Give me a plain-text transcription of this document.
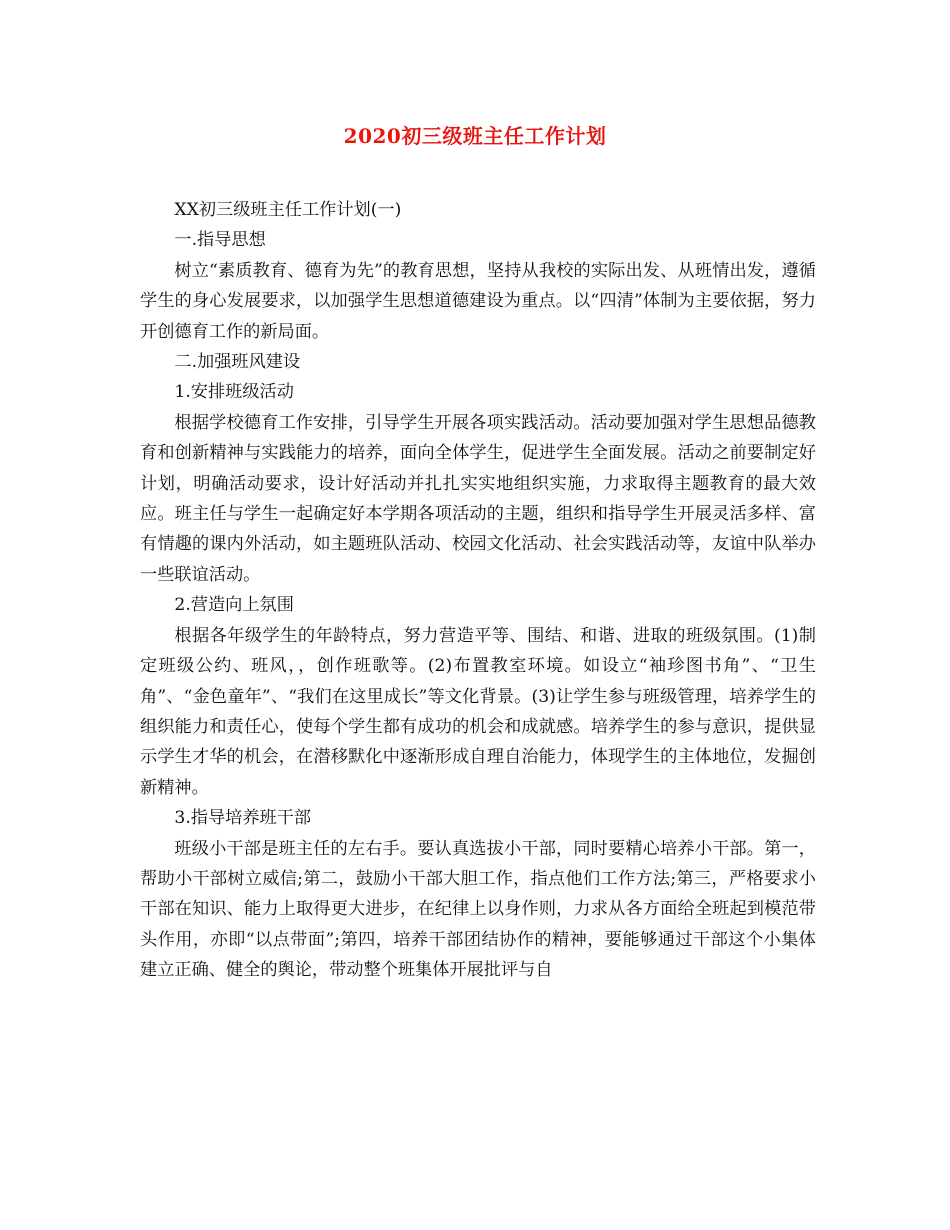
2020初三级班主任工作计划

XX初三级班主任工作计划(一)

一.指导思想

树立“素质教育、德育为先”的教育思想，坚持从我校的实际出发、从班情出发，遵循学生的身心发展要求，以加强学生思想道德建设为重点。以“四清”体制为主要依据，努力开创德育工作的新局面。

二.加强班风建设

1.安排班级活动

根据学校德育工作安排，引导学生开展各项实践活动。活动要加强对学生思想品德教育和创新精神与实践能力的培养，面向全体学生，促进学生全面发展。活动之前要制定好计划，明确活动要求，设计好活动并扎扎实实地组织实施，力求取得主题教育的最大效应。班主任与学生一起确定好本学期各项活动的主题，组织和指导学生开展灵活多样、富有情趣的课内外活动，如主题班队活动、校园文化活动、社会实践活动等，友谊中队举办一些联谊活动。

2.营造向上氛围

根据各年级学生的年龄特点，努力营造平等、围结、和谐、进取的班级氛围。(1)制定班级公约、班风，，创作班歌等。(2)布置教室环境。如设立“袖珍图书角”、“卫生角”、“金色童年”、“我们在这里成长”等文化背景。(3)让学生参与班级管理，培养学生的组织能力和责任心，使每个学生都有成功的机会和成就感。培养学生的参与意识，提供显示学生才华的机会，在潜移默化中逐渐形成自理自治能力，体现学生的主体地位，发掘创新精神。

3.指导培养班干部

班级小干部是班主任的左右手。要认真选拔小干部，同时要精心培养小干部。第一，帮助小干部树立威信;第二，鼓励小干部大胆工作，指点他们工作方法;第三，严格要求小干部在知识、能力上取得更大进步，在纪律上以身作则，力求从各方面给全班起到模范带头作用，亦即“以点带面”;第四，培养干部团结协作的精神，要能够通过干部这个小集体建立正确、健全的舆论，带动整个班集体开展批评与自
